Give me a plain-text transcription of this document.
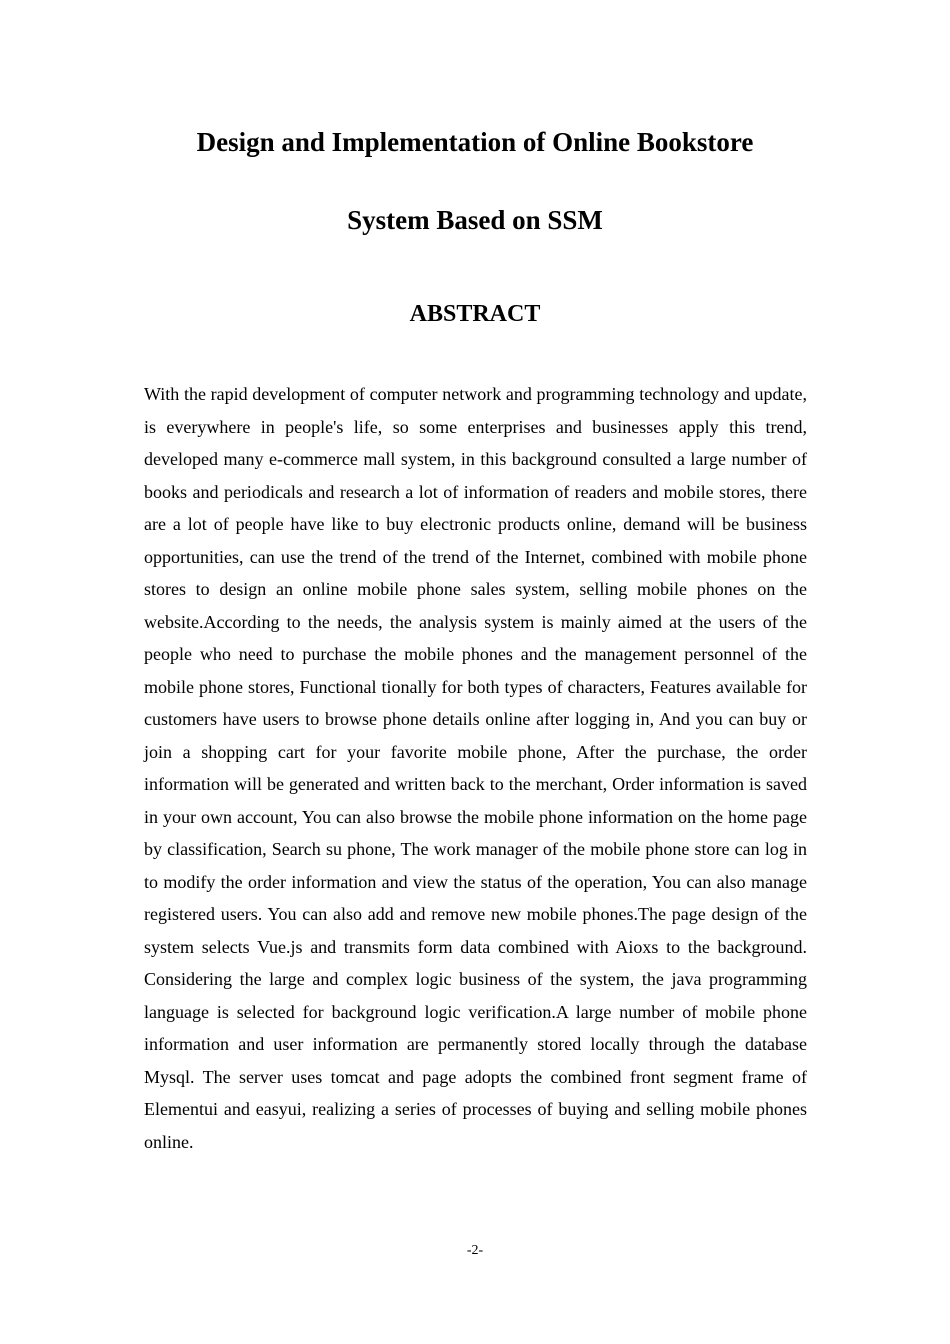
Design and Implementation of Online Bookstore
System Based on SSM
ABSTRACT

With the rapid development of computer network and programming technology and update, is everywhere in people's life, so some enterprises and businesses apply this trend, developed many e-commerce mall system, in this background consulted a large number of books and periodicals and research a lot of information of readers and mobile stores, there are a lot of people have like to buy electronic products online, demand will be business opportunities, can use the trend of the trend of the Internet, combined with mobile phone stores to design an online mobile phone sales system, selling mobile phones on the website.According to the needs, the analysis system is mainly aimed at the users of the people who need to purchase the mobile phones and the management personnel of the mobile phone stores, Functional tionally for both types of characters, Features available for customers have users to browse phone details online after logging in, And you can buy or join a shopping cart for your favorite mobile phone, After the purchase, the order information will be generated and written back to the merchant, Order information is saved in your own account, You can also browse the mobile phone information on the home page by classification, Search su phone, The work manager of the mobile phone store can log in to modify the order information and view the status of the operation, You can also manage registered users. You can also add and remove new mobile phones.The page design of the system selects Vue.js and transmits form data combined with Aioxs to the background. Considering the large and complex logic business of the system, the java programming language is selected for background logic verification.A large number of mobile phone information and user information are permanently stored locally through the database Mysql. The server uses tomcat and page adopts the combined front segment frame of Elementui and easyui, realizing a series of processes of buying and selling mobile phones online.

-2-
